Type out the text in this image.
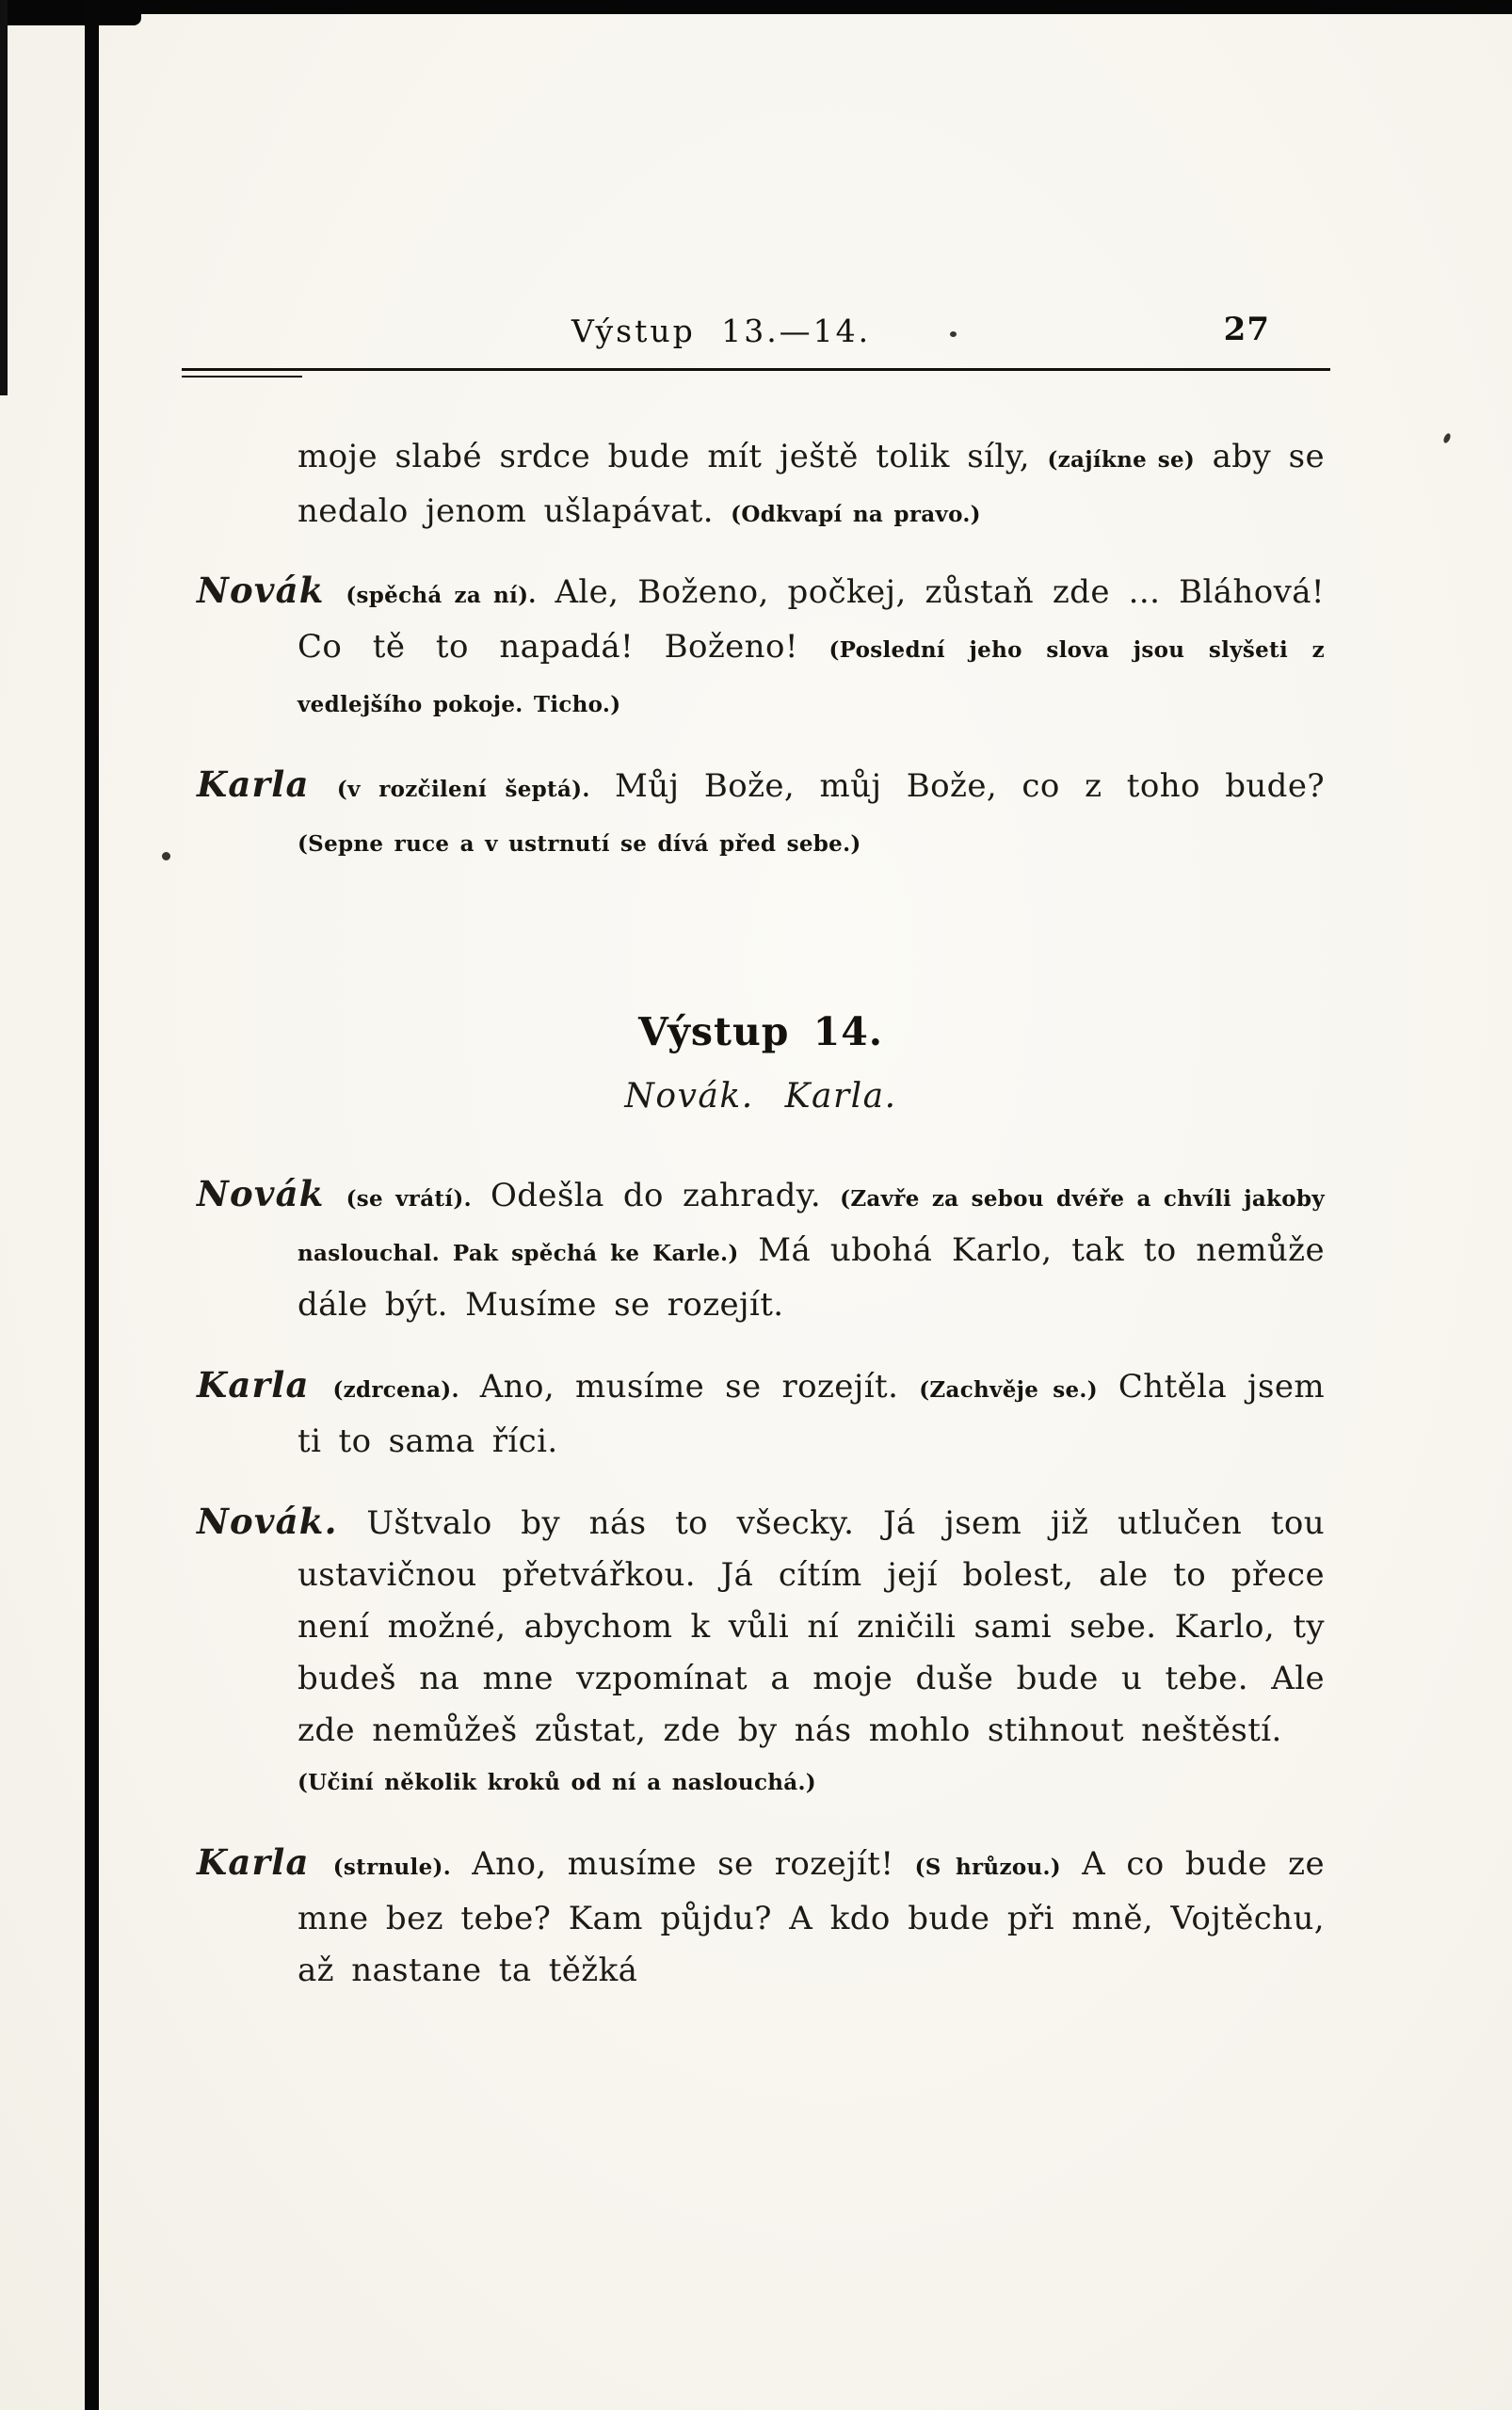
Výstup 13.—14.	27

moje slabé srdce bude mít ještě tolik síly, (zajíkne se) aby se nedalo jenom ušlapávat. (Odkvapí na pravo.)

Novák (spěchá za ní). Ale, Boženo, počkej, zůstaň zde ... Bláhová! Co tě to napadá! Boženo! (Poslední jeho slova jsou slyšeti z vedlejšího pokoje. Ticho.)

Karla (v rozčilení šeptá). Můj Bože, můj Bože, co z toho bude? (Sepne ruce a v ustrnutí se dívá před sebe.)

Výstup 14.
Novák. Karla.

Novák (se vrátí). Odešla do zahrady. (Zavře za sebou dvéře a chvíli jakoby naslouchal. Pak spěchá ke Karle.) Má ubohá Karlo, tak to nemůže dále být. Musíme se rozejít.

Karla (zdrcena). Ano, musíme se rozejít. (Zachvěje se.) Chtěla jsem ti to sama říci.

Novák. Uštvalo by nás to všecky. Já jsem již utlučen tou ustavičnou přetvářkou. Já cítím její bolest, ale to přece není možné, abychom k vůli ní zničili sami sebe. Karlo, ty budeš na mne vzpomínat a moje duše bude u tebe. Ale zde nemůžeš zůstat, zde by nás mohlo stihnout neštěstí.
(Učiní několik kroků od ní a naslouchá.)

Karla (strnule). Ano, musíme se rozejít! (S hrůzou.) A co bude ze mne bez tebe? Kam půjdu? A kdo bude při mně, Vojtěchu, až nastane ta těžká
